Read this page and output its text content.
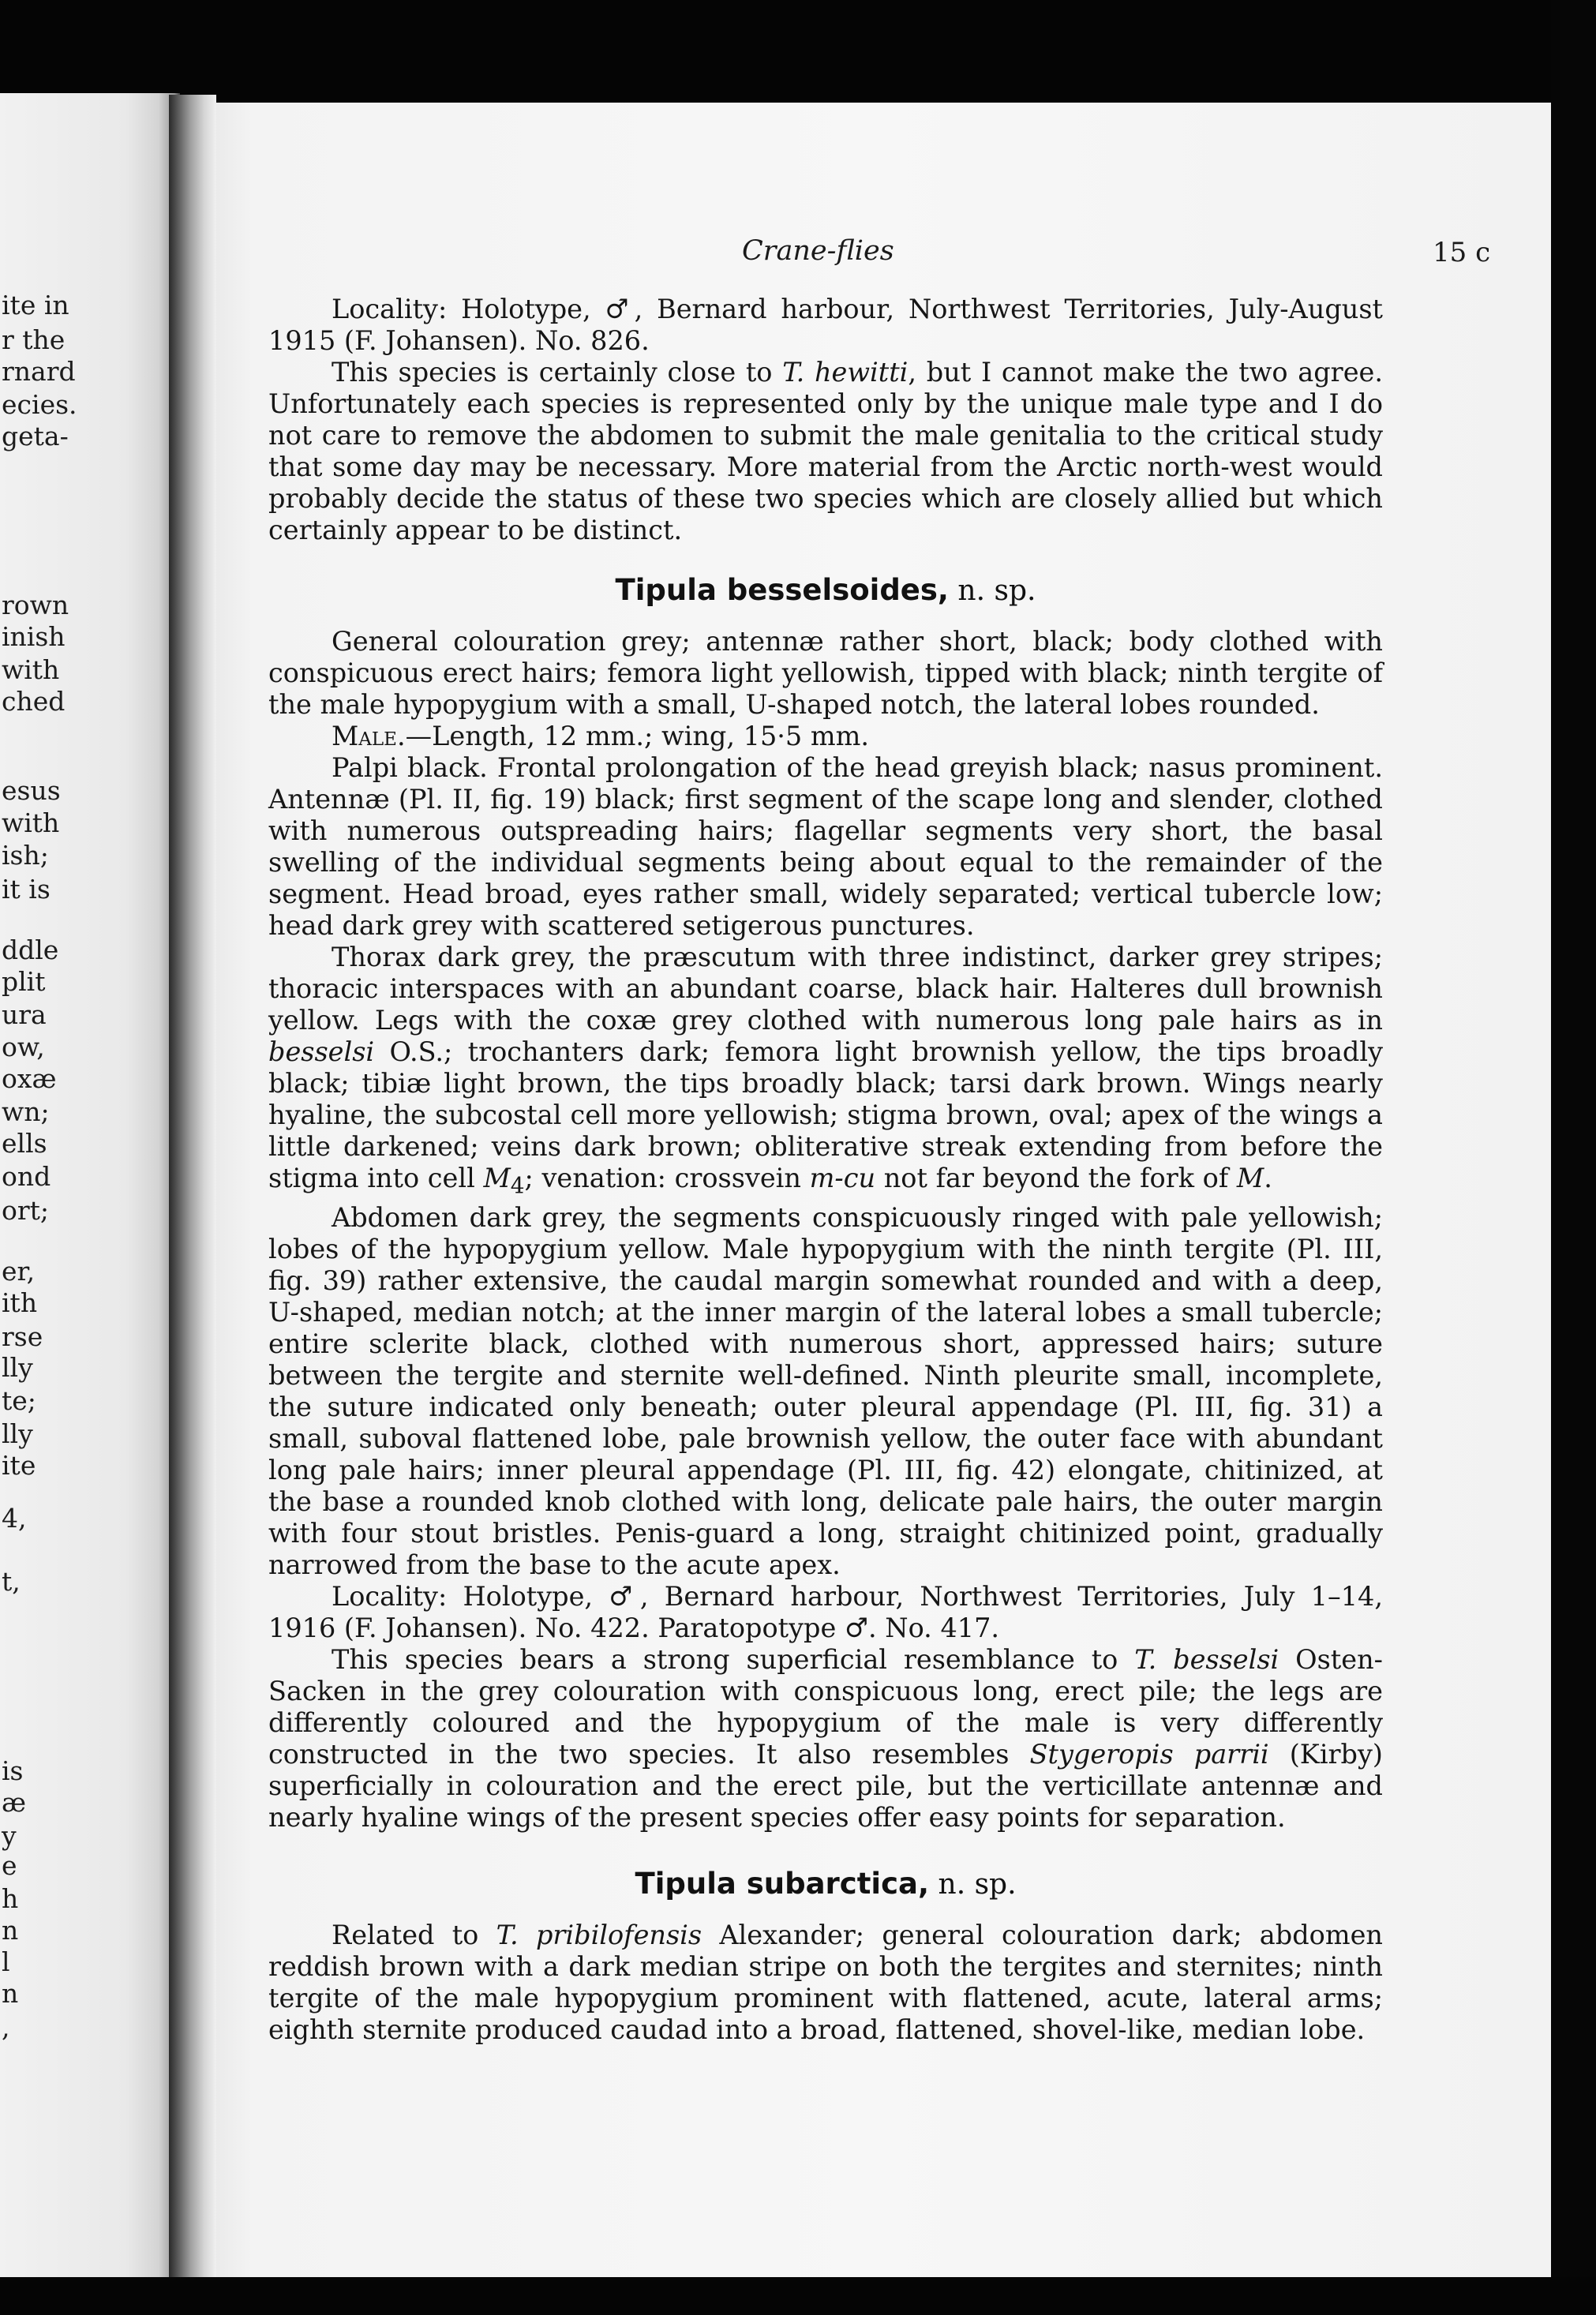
Crane-flies	15 c

Locality: Holotype, ♂, Bernard harbour, Northwest Territories, July-August 1915 (F. Johansen). No. 826.

This species is certainly close to T. hewitti, but I cannot make the two agree. Unfortunately each species is represented only by the unique male type and I do not care to remove the abdomen to submit the male genitalia to the critical study that some day may be necessary. More material from the Arctic north-west would probably decide the status of these two species which are closely allied but which certainly appear to be distinct.

Tipula besselsoides, n. sp.

General colouration grey; antennæ rather short, black; body clothed with conspicuous erect hairs; femora light yellowish, tipped with black; ninth tergite of the male hypopygium with a small, U-shaped notch, the lateral lobes rounded.

Male.—Length, 12 mm.; wing, 15·5 mm.

Palpi black. Frontal prolongation of the head greyish black; nasus prominent. Antennæ (Pl. II, fig. 19) black; first segment of the scape long and slender, clothed with numerous outspreading hairs; flagellar segments very short, the basal swelling of the individual segments being about equal to the remainder of the segment. Head broad, eyes rather small, widely separated; vertical tubercle low; head dark grey with scattered setigerous punctures.

Thorax dark grey, the præscutum with three indistinct, darker grey stripes; thoracic interspaces with an abundant coarse, black hair. Halteres dull brownish yellow. Legs with the coxæ grey clothed with numerous long pale hairs as in besselsi O.S.; trochanters dark; femora light brownish yellow, the tips broadly black; tibiæ light brown, the tips broadly black; tarsi dark brown. Wings nearly hyaline, the subcostal cell more yellowish; stigma brown, oval; apex of the wings a little darkened; veins dark brown; obliterative streak extending from before the stigma into cell $M_4$; venation: crossvein m-cu not far beyond the fork of M.

Abdomen dark grey, the segments conspicuously ringed with pale yellowish; lobes of the hypopygium yellow. Male hypopygium with the ninth tergite (Pl. III, fig. 39) rather extensive, the caudal margin somewhat rounded and with a deep, U-shaped, median notch; at the inner margin of the lateral lobes a small tubercle; entire sclerite black, clothed with numerous short, appressed hairs; suture between the tergite and sternite well-defined. Ninth pleurite small, incomplete, the suture indicated only beneath; outer pleural appendage (Pl. III, fig. 31) a small, suboval flattened lobe, pale brownish yellow, the outer face with abundant long pale hairs; inner pleural appendage (Pl. III, fig. 42) elongate, chitinized, at the base a rounded knob clothed with long, delicate pale hairs, the outer margin with four stout bristles. Penis-guard a long, straight chitinized point, gradually narrowed from the base to the acute apex.

Locality: Holotype, ♂, Bernard harbour, Northwest Territories, July 1–14, 1916 (F. Johansen). No. 422. Paratopotype ♂. No. 417.

This species bears a strong superficial resemblance to T. besselsi Osten-Sacken in the grey colouration with conspicuous long, erect pile; the legs are differently coloured and the hypopygium of the male is very differently constructed in the two species. It also resembles Stygeropis parrii (Kirby) superficially in colouration and the erect pile, but the verticillate antennæ and nearly hyaline wings of the present species offer easy points for separation.

Tipula subarctica, n. sp.

Related to T. pribilofensis Alexander; general colouration dark; abdomen reddish brown with a dark median stripe on both the tergites and sternites; ninth tergite of the male hypopygium prominent with flattened, acute, lateral arms; eighth sternite produced caudad into a broad, flattened, shovel-like, median lobe.

ite in
r the
rnard
ecies.
getа-
rown
inish
with
ched
esus
with
ish;
it is
ddle
plit
ura
ow,
oxæ
wn;
ells
ond
ort;
er,
ith
rse
lly
te;
lly
ite
4,
t,
is
æ
y
e
h
n
l
n
,
